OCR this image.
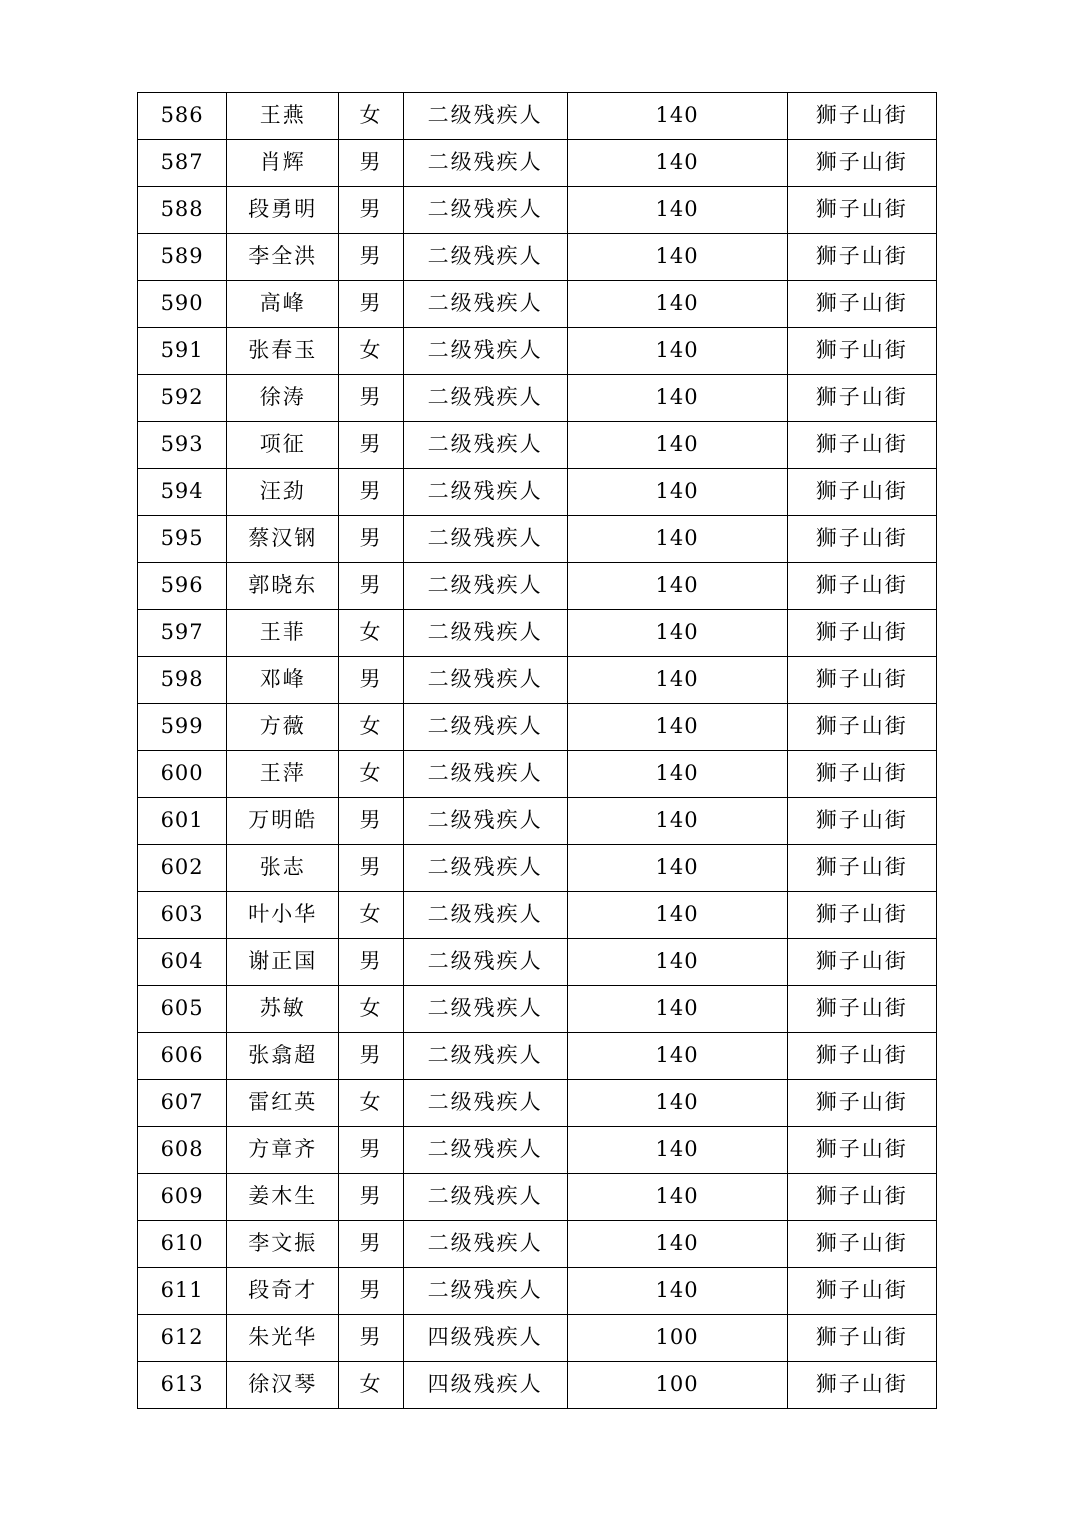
586	王燕	女	二级残疾人	140	狮子山街
587	肖辉	男	二级残疾人	140	狮子山街
588	段勇明	男	二级残疾人	140	狮子山街
589	李全洪	男	二级残疾人	140	狮子山街
590	高峰	男	二级残疾人	140	狮子山街
591	张春玉	女	二级残疾人	140	狮子山街
592	徐涛	男	二级残疾人	140	狮子山街
593	项征	男	二级残疾人	140	狮子山街
594	汪劲	男	二级残疾人	140	狮子山街
595	蔡汉钢	男	二级残疾人	140	狮子山街
596	郭晓东	男	二级残疾人	140	狮子山街
597	王菲	女	二级残疾人	140	狮子山街
598	邓峰	男	二级残疾人	140	狮子山街
599	方薇	女	二级残疾人	140	狮子山街
600	王萍	女	二级残疾人	140	狮子山街
601	万明皓	男	二级残疾人	140	狮子山街
602	张志	男	二级残疾人	140	狮子山街
603	叶小华	女	二级残疾人	140	狮子山街
604	谢正国	男	二级残疾人	140	狮子山街
605	苏敏	女	二级残疾人	140	狮子山街
606	张翕超	男	二级残疾人	140	狮子山街
607	雷红英	女	二级残疾人	140	狮子山街
608	方章齐	男	二级残疾人	140	狮子山街
609	姜木生	男	二级残疾人	140	狮子山街
610	李文振	男	二级残疾人	140	狮子山街
611	段奇才	男	二级残疾人	140	狮子山街
612	朱光华	男	四级残疾人	100	狮子山街
613	徐汉琴	女	四级残疾人	100	狮子山街
